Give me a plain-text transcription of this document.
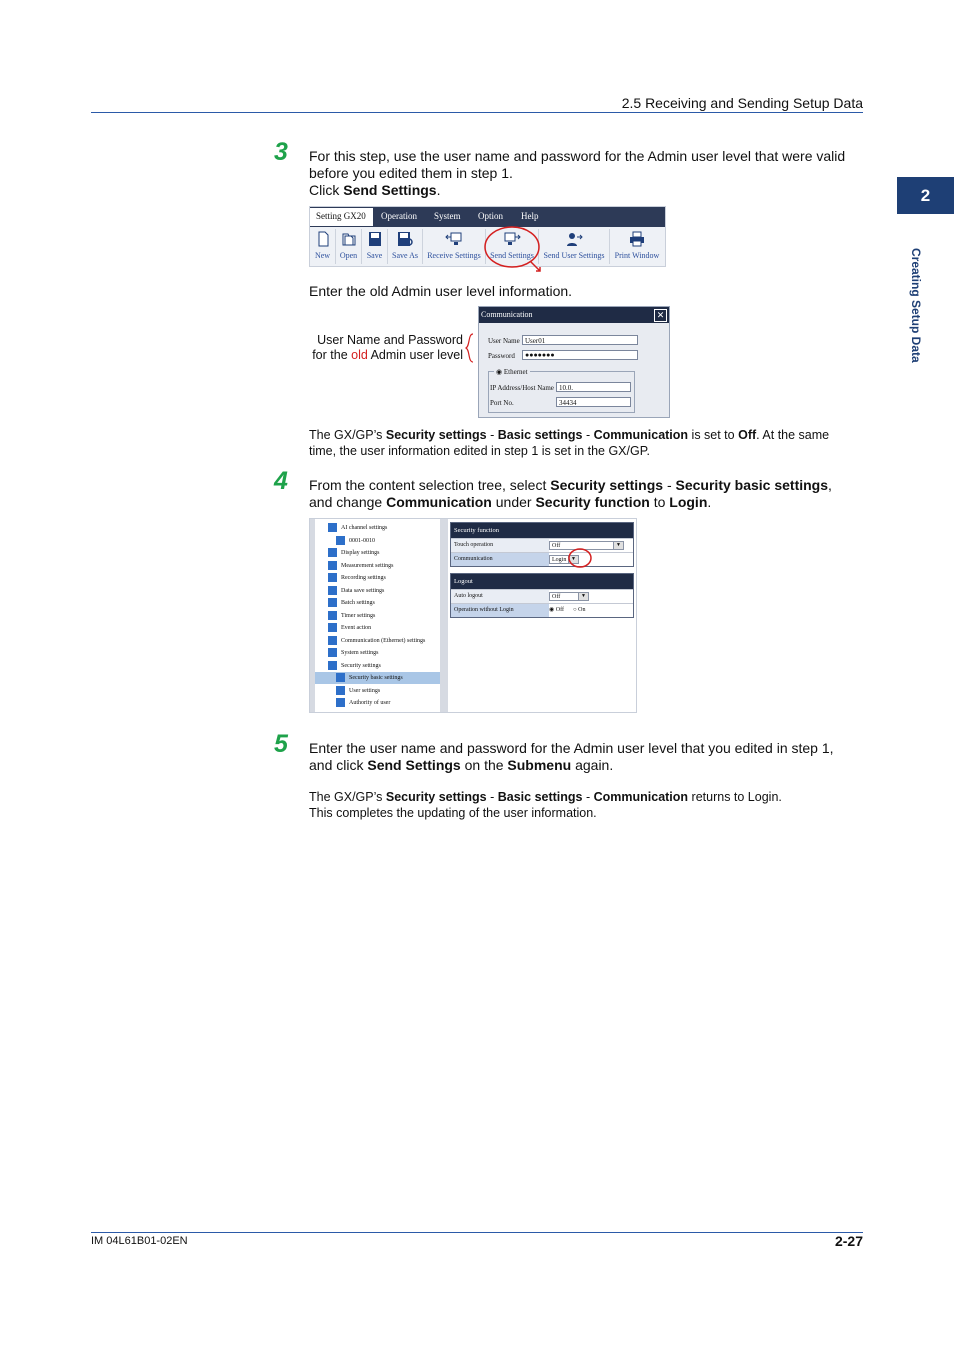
2.5 Receiving and Sending Setup Data
2
Creating Setup Data
3 For this step, use the user name and password for the Admin user level that were valid
before you edited them in step 1.
Click Send Settings.
Setting GX20	Operation System Option Help
New	Open	Save	Save As	Receive Settings	Send Settings	Send User Settings	Print Window
Enter the old Admin user level information.
User Name and Password
for the old Admin user level
Communication	✕
User Name User01
Password	●●●●●●●
◉ Ethernet
IP Address/Host Name 10.0.
Port No.	34434
The GX/GP’s Security settings - Basic settings - Communication is set to Off. At the same
time, the user information edited in step 1 is set in the GX/GP.
4 From the content selection tree, select Security settings - Security basic settings,
and change Communication under Security function to Login.
AI channel settings
0001-0010
Display settings
Measurement settings
Recording settings
Data save settings
Batch settings
Timer settings
Event action
Communication (Ethernet) settings
System settings
Security settings
Security basic settings
User settings
Authority of user
Security function
Touch operation	Off	▼
Communication	Login ▼
Logout
Auto logout	Off	▼
Operation without Login	◉ Off ○ On
5 Enter the user name and password for the Admin user level that you edited in step 1,
and click Send Settings on the Submenu again.
The GX/GP’s Security settings - Basic settings - Communication returns to Login.
This completes the updating of the user information.
IM 04L61B01-02EN	2-27
